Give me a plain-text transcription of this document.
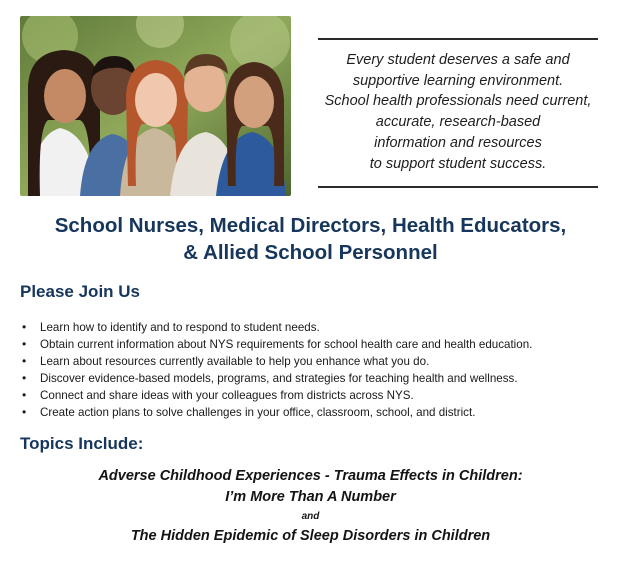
Every student deserves a safe and
supportive learning environment.
School health professionals need current,
accurate, research-based
information and resources
to support student success.
School Nurses, Medical Directors, Health Educators,
& Allied School Personnel
Please Join Us
• Learn how to identify and to respond to student needs.
• Obtain current information about NYS requirements for school health care and health education.
• Learn about resources currently available to help you enhance what you do.
• Discover evidence-based models, programs, and strategies for teaching health and wellness.
• Connect and share ideas with your colleagues from districts across NYS.
• Create action plans to solve challenges in your office, classroom, school, and district.
Topics Include:
Adverse Childhood Experiences - Trauma Effects in Children:
I’m More Than A Number
and
The Hidden Epidemic of Sleep Disorders in Children
